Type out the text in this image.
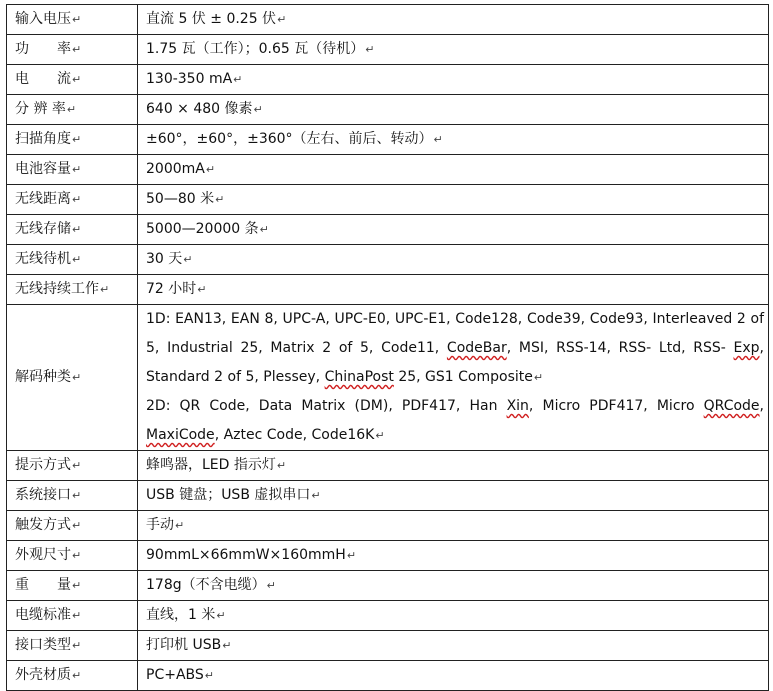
输入电压↵	直流 5 伏 ± 0.25 伏↵
功　　率↵	1.75 瓦（工作）；0.65 瓦（待机）↵
电　　流↵	130-350 mA↵
分 辨 率↵	640 × 480 像素↵
扫描角度↵	±60°，±60°，±360°（左右、前后、转动）↵
电池容量↵	2000mA↵
无线距离↵	50—80 米↵
无线存储↵	5000—20000 条↵
无线待机↵	30 天↵
无线持续工作↵	72 小时↵
解码种类↵	1D: EAN13, EAN 8, UPC-A, UPC-E0, UPC-E1, Code128, Code39, Code93, Interleaved 2 of 5, Industrial 25, Matrix 2 of 5, Code11, CodeBar, MSI, RSS-14, RSS- Ltd, RSS- Exp, Standard 2 of 5, Plessey, ChinaPost 25, GS1 Composite↵
2D: QR Code, Data Matrix (DM), PDF417, Han Xin, Micro PDF417, Micro QRCode, MaxiCode, Aztec Code, Code16K↵

提示方式↵	蜂鸣器，LED 指示灯↵
系统接口↵	USB 键盘；USB 虚拟串口↵
触发方式↵	手动↵
外观尺寸↵	90mmL×66mmW×160mmH↵
重　　量↵	178g（不含电缆）↵
电缆标准↵	直线，1 米↵
接口类型↵	打印机 USB↵
外壳材质↵	PC+ABS↵
